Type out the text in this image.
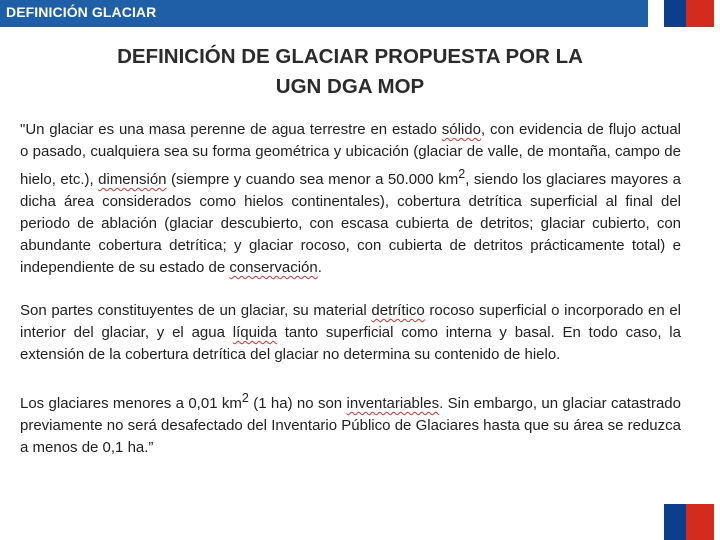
DEFINICIÓN GLACIAR
DEFINICIÓN DE GLACIAR PROPUESTA POR LA
UGN DGA MOP

"Un glaciar es una masa perenne de agua terrestre en estado sólido, con evidencia de flujo actual o pasado, cualquiera sea su forma geométrica y ubicación (glaciar de valle, de montaña, campo de hielo, etc.), dimensión (siempre y cuando sea menor a 50.000 $km^2$, siendo los glaciares mayores a dicha área considerados como hielos continentales), cobertura detrítica superficial al final del periodo de ablación (glaciar descubierto, con escasa cubierta de detritos; glaciar cubierto, con abundante cobertura detrítica; y glaciar rocoso, con cubierta de detritos prácticamente total) e independiente de su estado de conservación.

Son partes constituyentes de un glaciar, su material detrítico rocoso superficial o incorporado en el interior del glaciar, y el agua líquida tanto superficial como interna y basal. En todo caso, la extensión de la cobertura detrítica del glaciar no determina su contenido de hielo.

Los glaciares menores a 0,01 $km^2$ (1 ha) no son inventariables. Sin embargo, un glaciar catastrado previamente no será desafectado del Inventario Público de Glaciares hasta que su área se reduzca a menos de 0,1 ha.”
